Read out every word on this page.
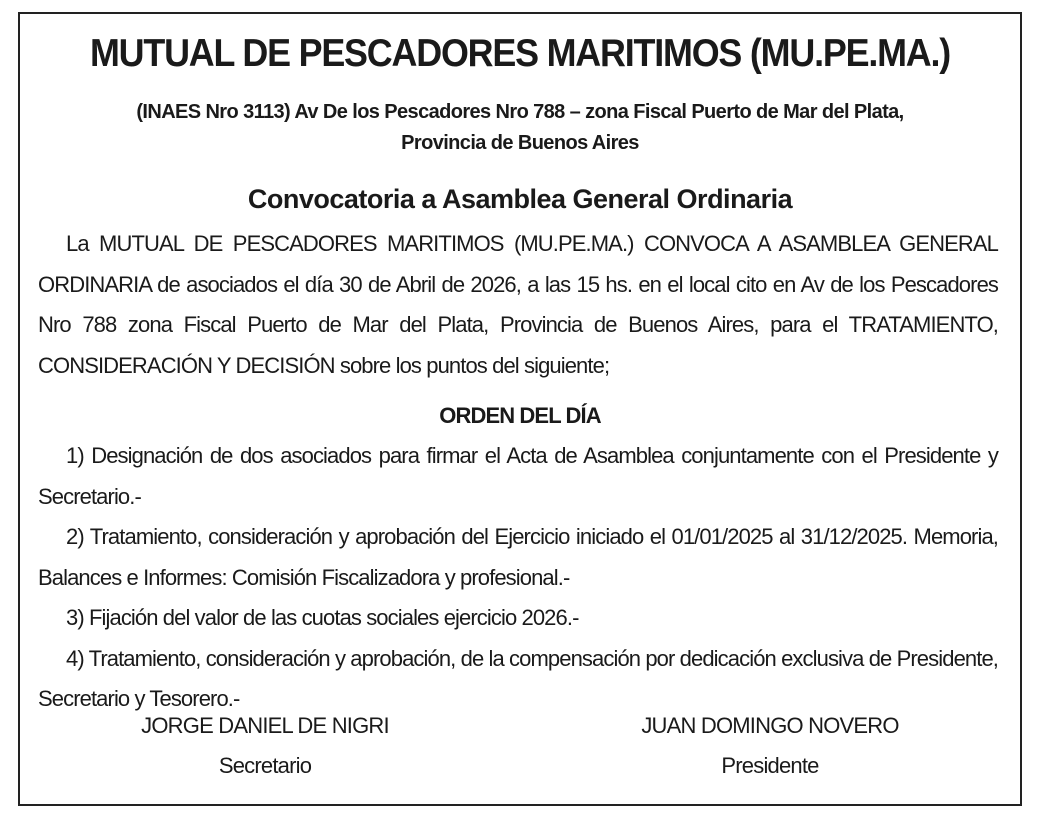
MUTUAL DE PESCADORES MARITIMOS (MU.PE.MA.)
(INAES Nro 3113) Av De los Pescadores Nro 788 – zona Fiscal Puerto de Mar del Plata,
Provincia de Buenos Aires
Convocatoria a Asamblea General Ordinaria

La MUTUAL DE PESCADORES MARITIMOS (MU.PE.MA.) CONVOCA A ASAMBLEA GENERAL ORDINARIA de asociados el día 30 de Abril de 2026, a las 15 hs. en el local cito en Av de los Pescadores Nro 788 zona Fiscal Puerto de Mar del Plata, Provincia de Buenos Aires, para el TRATAMIENTO, CONSIDERACIÓN Y DECISIÓN sobre los puntos del siguiente;

ORDEN DEL DÍA

1) Designación de dos asociados para firmar el Acta de Asamblea conjuntamente con el Presidente y Secretario.-

2) Tratamiento, consideración y aprobación del Ejercicio iniciado el 01/01/2025 al 31/12/2025. Memoria, Balances e Informes: Comisión Fiscalizadora y profesional.-

3) Fijación del valor de las cuotas sociales ejercicio 2026.-

4) Tratamiento, consideración y aprobación, de la compensación por dedicación exclusiva de Presidente, Secretario y Tesorero.-

JORGE DANIEL DE NIGRI
Secretario
JUAN DOMINGO NOVERO
Presidente
